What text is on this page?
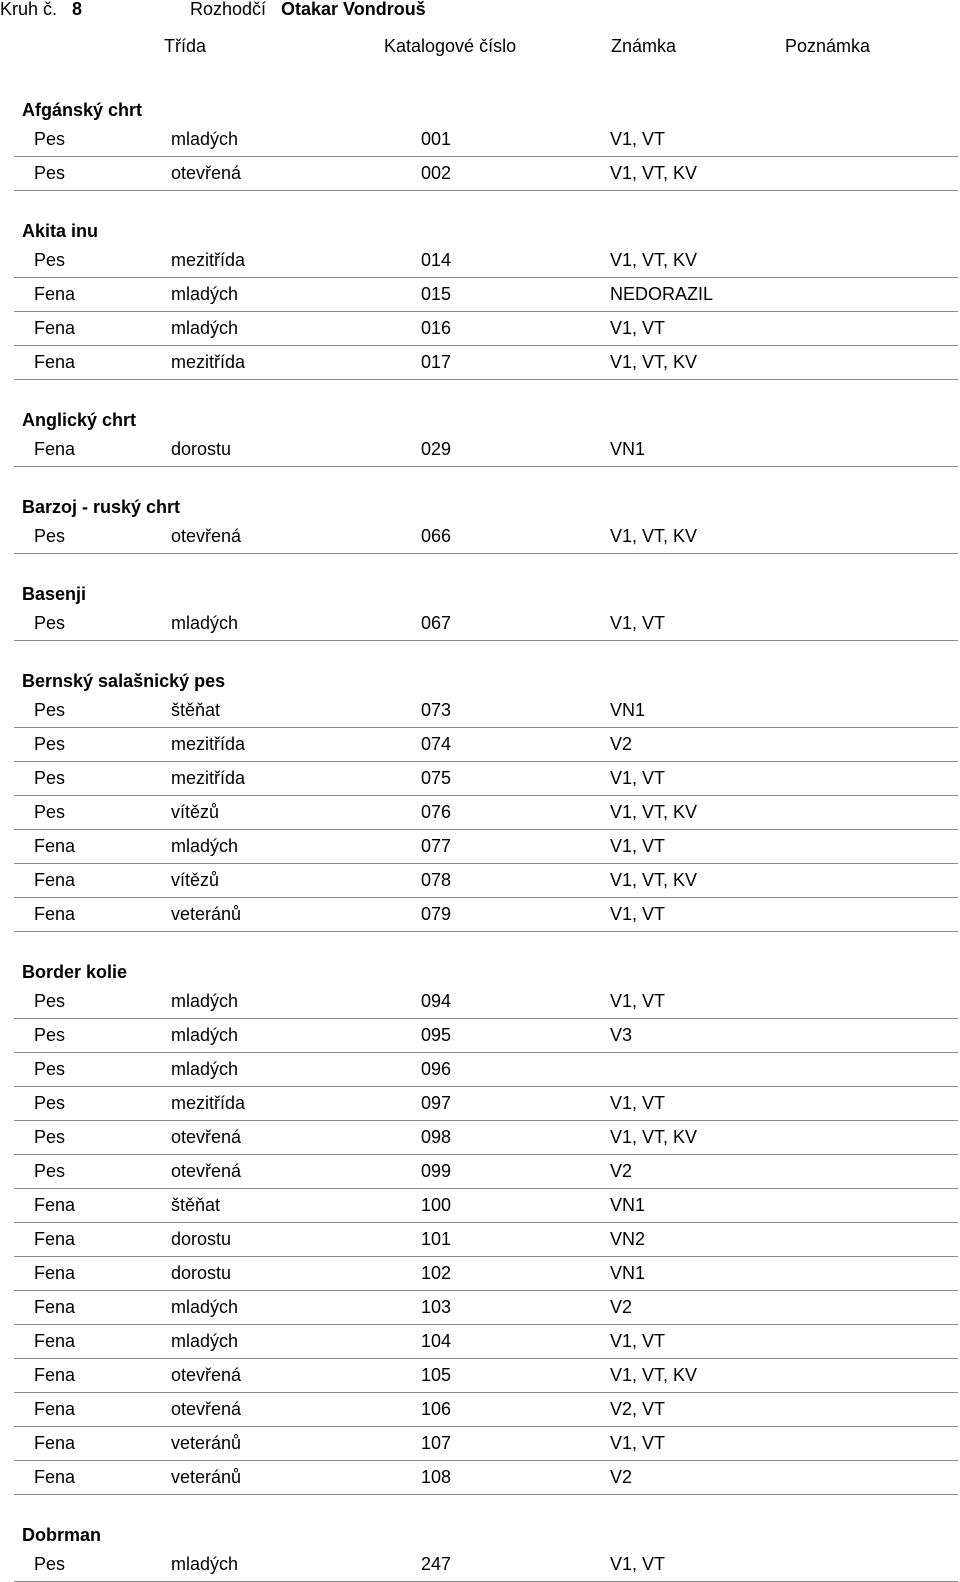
Kruh č. 8	Rozhodčí Otakar Vondrouš
Třída	Katalogové číslo	Známka	Poznámka
Afgánský chrt
Pes	mladých	001	V1, VT
Pes	otevřená	002	V1, VT, KV
Akita inu
Pes	mezitřída	014	V1, VT, KV
Fena	mladých	015	NEDORAZIL
Fena	mladých	016	V1, VT
Fena	mezitřída	017	V1, VT, KV
Anglický chrt
Fena	dorostu	029	VN1
Barzoj - ruský chrt
Pes	otevřená	066	V1, VT, KV
Basenji
Pes	mladých	067	V1, VT
Bernský salašnický pes
Pes	štěňat	073	VN1
Pes	mezitřída	074	V2
Pes	mezitřída	075	V1, VT
Pes	vítězů	076	V1, VT, KV
Fena	mladých	077	V1, VT
Fena	vítězů	078	V1, VT, KV
Fena	veteránů	079	V1, VT
Border kolie
Pes	mladých	094	V1, VT
Pes	mladých	095	V3
Pes	mladých	096
Pes	mezitřída	097	V1, VT
Pes	otevřená	098	V1, VT, KV
Pes	otevřená	099	V2
Fena	štěňat	100	VN1
Fena	dorostu	101	VN2
Fena	dorostu	102	VN1
Fena	mladých	103	V2
Fena	mladých	104	V1, VT
Fena	otevřená	105	V1, VT, KV
Fena	otevřená	106	V2, VT
Fena	veteránů	107	V1, VT
Fena	veteránů	108	V2
Dobrman
Pes	mladých	247	V1, VT
